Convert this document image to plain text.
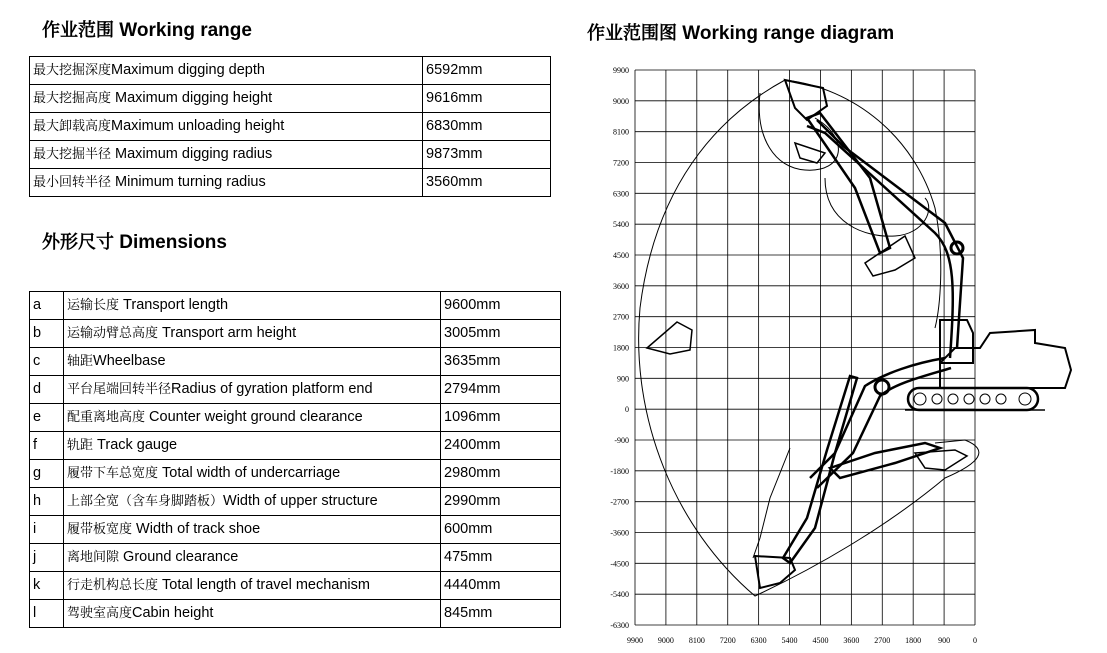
作业范围 Working range
最大挖掘深度Maximum digging depth	6592mm
最大挖掘高度 Maximum digging height	9616mm
最大卸载高度Maximum unloading height	6830mm
最大挖掘半径 Maximum digging radius	9873mm
最小回转半径 Minimum turning radius	3560mm
外形尺寸 Dimensions
a	运输长度 Transport length	9600mm
b	运输动臂总高度 Transport arm height	3005mm
c	轴距Wheelbase	3635mm
d	平台尾端回转半径Radius of gyration platform end	2794mm
e	配重离地高度 Counter weight ground clearance	1096mm
f	轨距 Track gauge	2400mm
g	履带下车总宽度 Total width of undercarriage	2980mm
h	上部全宽（含车身脚踏板）Width of upper structure	2990mm
i	履带板宽度 Width of track shoe	600mm
j	离地间隙 Ground clearance	475mm
k	行走机构总长度 Total length of travel mechanism	4440mm
l	驾驶室高度Cabin height	845mm
作业范围图 Working range diagram
9900
9000
8100
7200
6300
5400
4500
3600
2700
1800
900
0
-900
-1800
-2700
-3600
-4500
-5400
-6300
9900 9000 8100 7200 6300 5400 4500 3600 2700 1800 900	0
